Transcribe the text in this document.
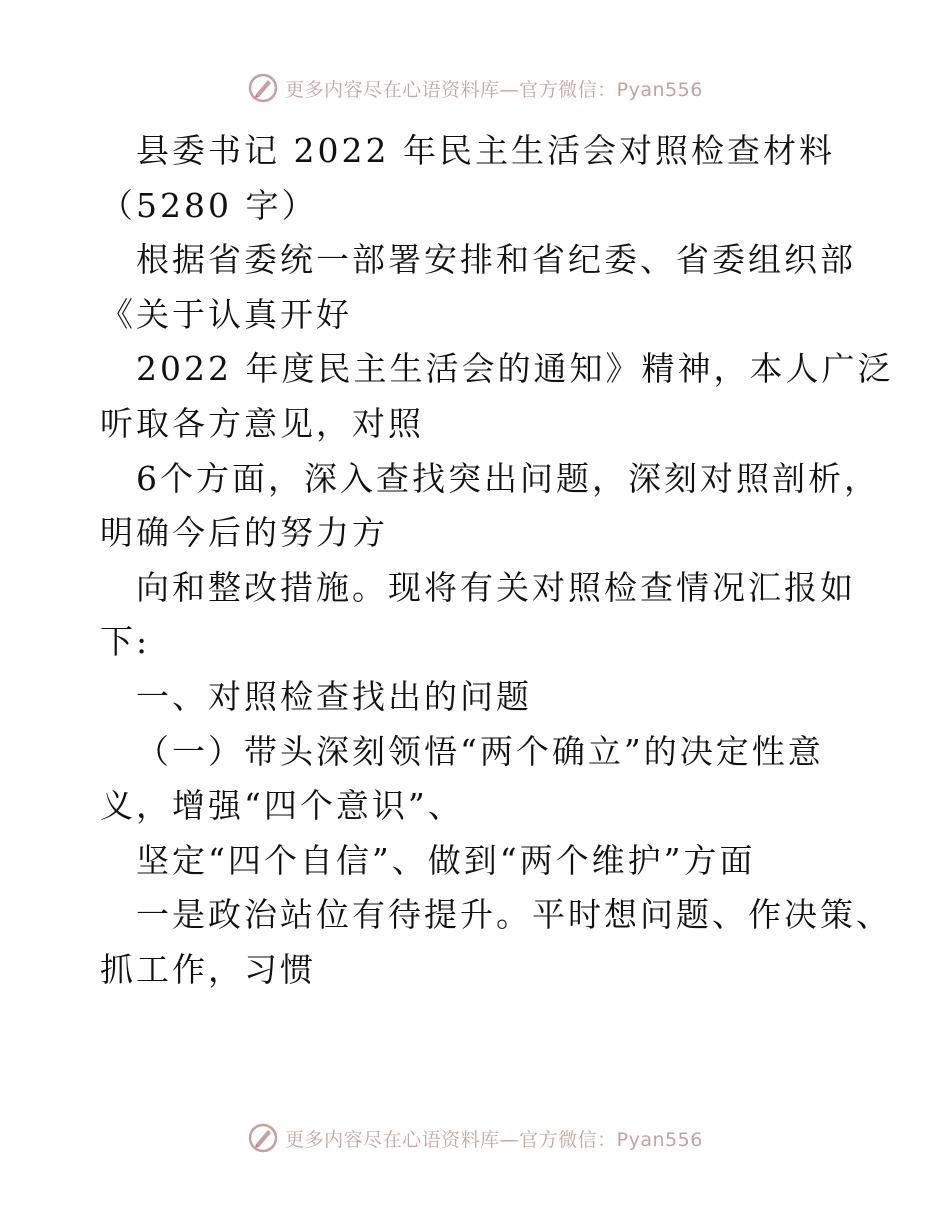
更多内容尽在心语资料库—官方微信：Pyan556
县委书记 2022 年民主生活会对照检查材料
（5280 字）
根据省委统一部署安排和省纪委、省委组织部
《关于认真开好
2022 年度民主生活会的通知》精神，本人广泛
听取各方意见，对照
6个方面，深入查找突出问题，深刻对照剖析，
明确今后的努力方
向和整改措施。现将有关对照检查情况汇报如
下:
一、对照检查找出的问题
（一）带头深刻领悟“两个确立”的决定性意
义，增强“四个意识”、
坚定“四个自信”、做到“两个维护”方面
一是政治站位有待提升。平时想问题、作决策、
抓工作，习惯
更多内容尽在心语资料库—官方微信：Pyan556
